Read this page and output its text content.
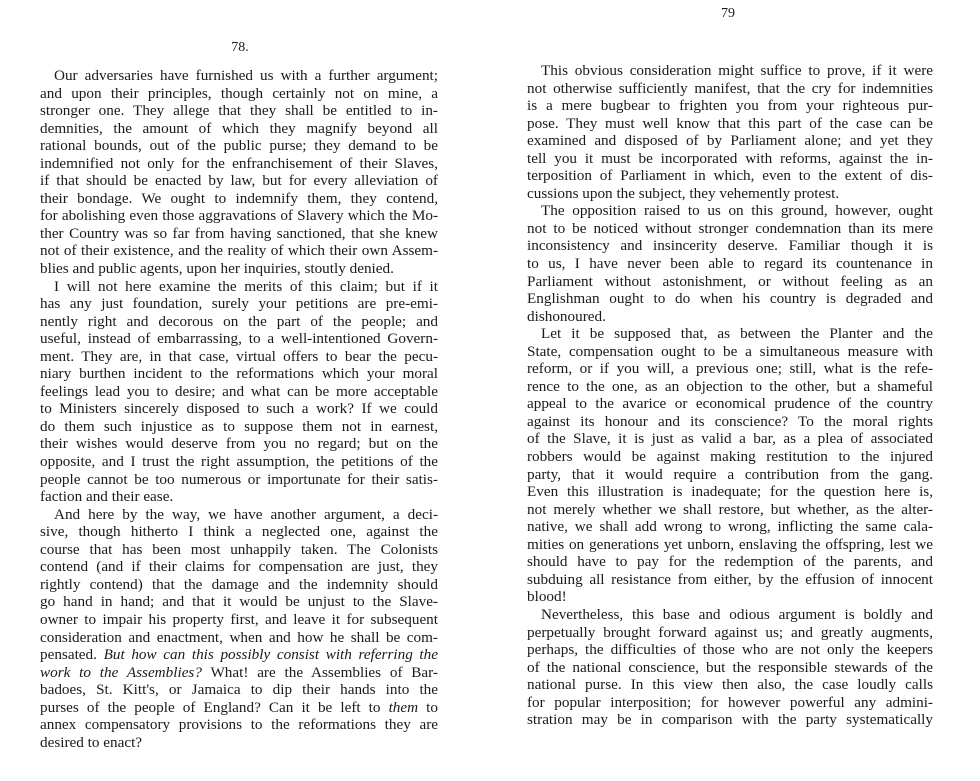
78.
Our adversaries have furnished us with a further argument;
and upon their principles, though certainly not on mine, a
stronger one. They allege that they shall be entitled to in-
demnities, the amount of which they magnify beyond all
rational bounds, out of the public purse; they demand to be
indemnified not only for the enfranchisement of their Slaves,
if that should be enacted by law, but for every alleviation of
their bondage. We ought to indemnify them, they contend,
for abolishing even those aggravations of Slavery which the Mo-
ther Country was so far from having sanctioned, that she knew
not of their existence, and the reality of which their own Assem-
blies and public agents, upon her inquiries, stoutly denied.
I will not here examine the merits of this claim; but if it
has any just foundation, surely your petitions are pre-emi-
nently right and decorous on the part of the people; and
useful, instead of embarrassing, to a well-intentioned Govern-
ment. They are, in that case, virtual offers to bear the pecu-
niary burthen incident to the reformations which your moral
feelings lead you to desire; and what can be more acceptable
to Ministers sincerely disposed to such a work? If we could
do them such injustice as to suppose them not in earnest,
their wishes would deserve from you no regard; but on the
opposite, and I trust the right assumption, the petitions of the
people cannot be too numerous or importunate for their satis-
faction and their ease.
And here by the way, we have another argument, a deci-
sive, though hitherto I think a neglected one, against the
course that has been most unhappily taken. The Colonists
contend (and if their claims for compensation are just, they
rightly contend) that the damage and the indemnity should
go hand in hand; and that it would be unjust to the Slave-
owner to impair his property first, and leave it for subsequent
consideration and enactment, when and how he shall be com-
pensated. But how can this possibly consist with referring the
work to the Assemblies? What! are the Assemblies of Bar-
badoes, St. Kitt's, or Jamaica to dip their hands into the
purses of the people of England? Can it be left to them to
annex compensatory provisions to the reformations they are
desired to enact?
79
This obvious consideration might suffice to prove, if it were
not otherwise sufficiently manifest, that the cry for indemnities
is a mere bugbear to frighten you from your righteous pur-
pose. They must well know that this part of the case can be
examined and disposed of by Parliament alone; and yet they
tell you it must be incorporated with reforms, against the in-
terposition of Parliament in which, even to the extent of dis-
cussions upon the subject, they vehemently protest.
The opposition raised to us on this ground, however, ought
not to be noticed without stronger condemnation than its mere
inconsistency and insincerity deserve. Familiar though it is
to us, I have never been able to regard its countenance in
Parliament without astonishment, or without feeling as an
Englishman ought to do when his country is degraded and
dishonoured.
Let it be supposed that, as between the Planter and the
State, compensation ought to be a simultaneous measure with
reform, or if you will, a previous one; still, what is the refe-
rence to the one, as an objection to the other, but a shameful
appeal to the avarice or economical prudence of the country
against its honour and its conscience? To the moral rights
of the Slave, it is just as valid a bar, as a plea of associated
robbers would be against making restitution to the injured
party, that it would require a contribution from the gang.
Even this illustration is inadequate; for the question here is,
not merely whether we shall restore, but whether, as the alter-
native, we shall add wrong to wrong, inflicting the same cala-
mities on generations yet unborn, enslaving the offspring, lest we
should have to pay for the redemption of the parents, and
subduing all resistance from either, by the effusion of innocent
blood!
Nevertheless, this base and odious argument is boldly and
perpetually brought forward against us; and greatly augments,
perhaps, the difficulties of those who are not only the keepers
of the national conscience, but the responsible stewards of the
national purse. In this view then also, the case loudly calls
for popular interposition; for however powerful any admini-
stration may be in comparison with the party systematically
